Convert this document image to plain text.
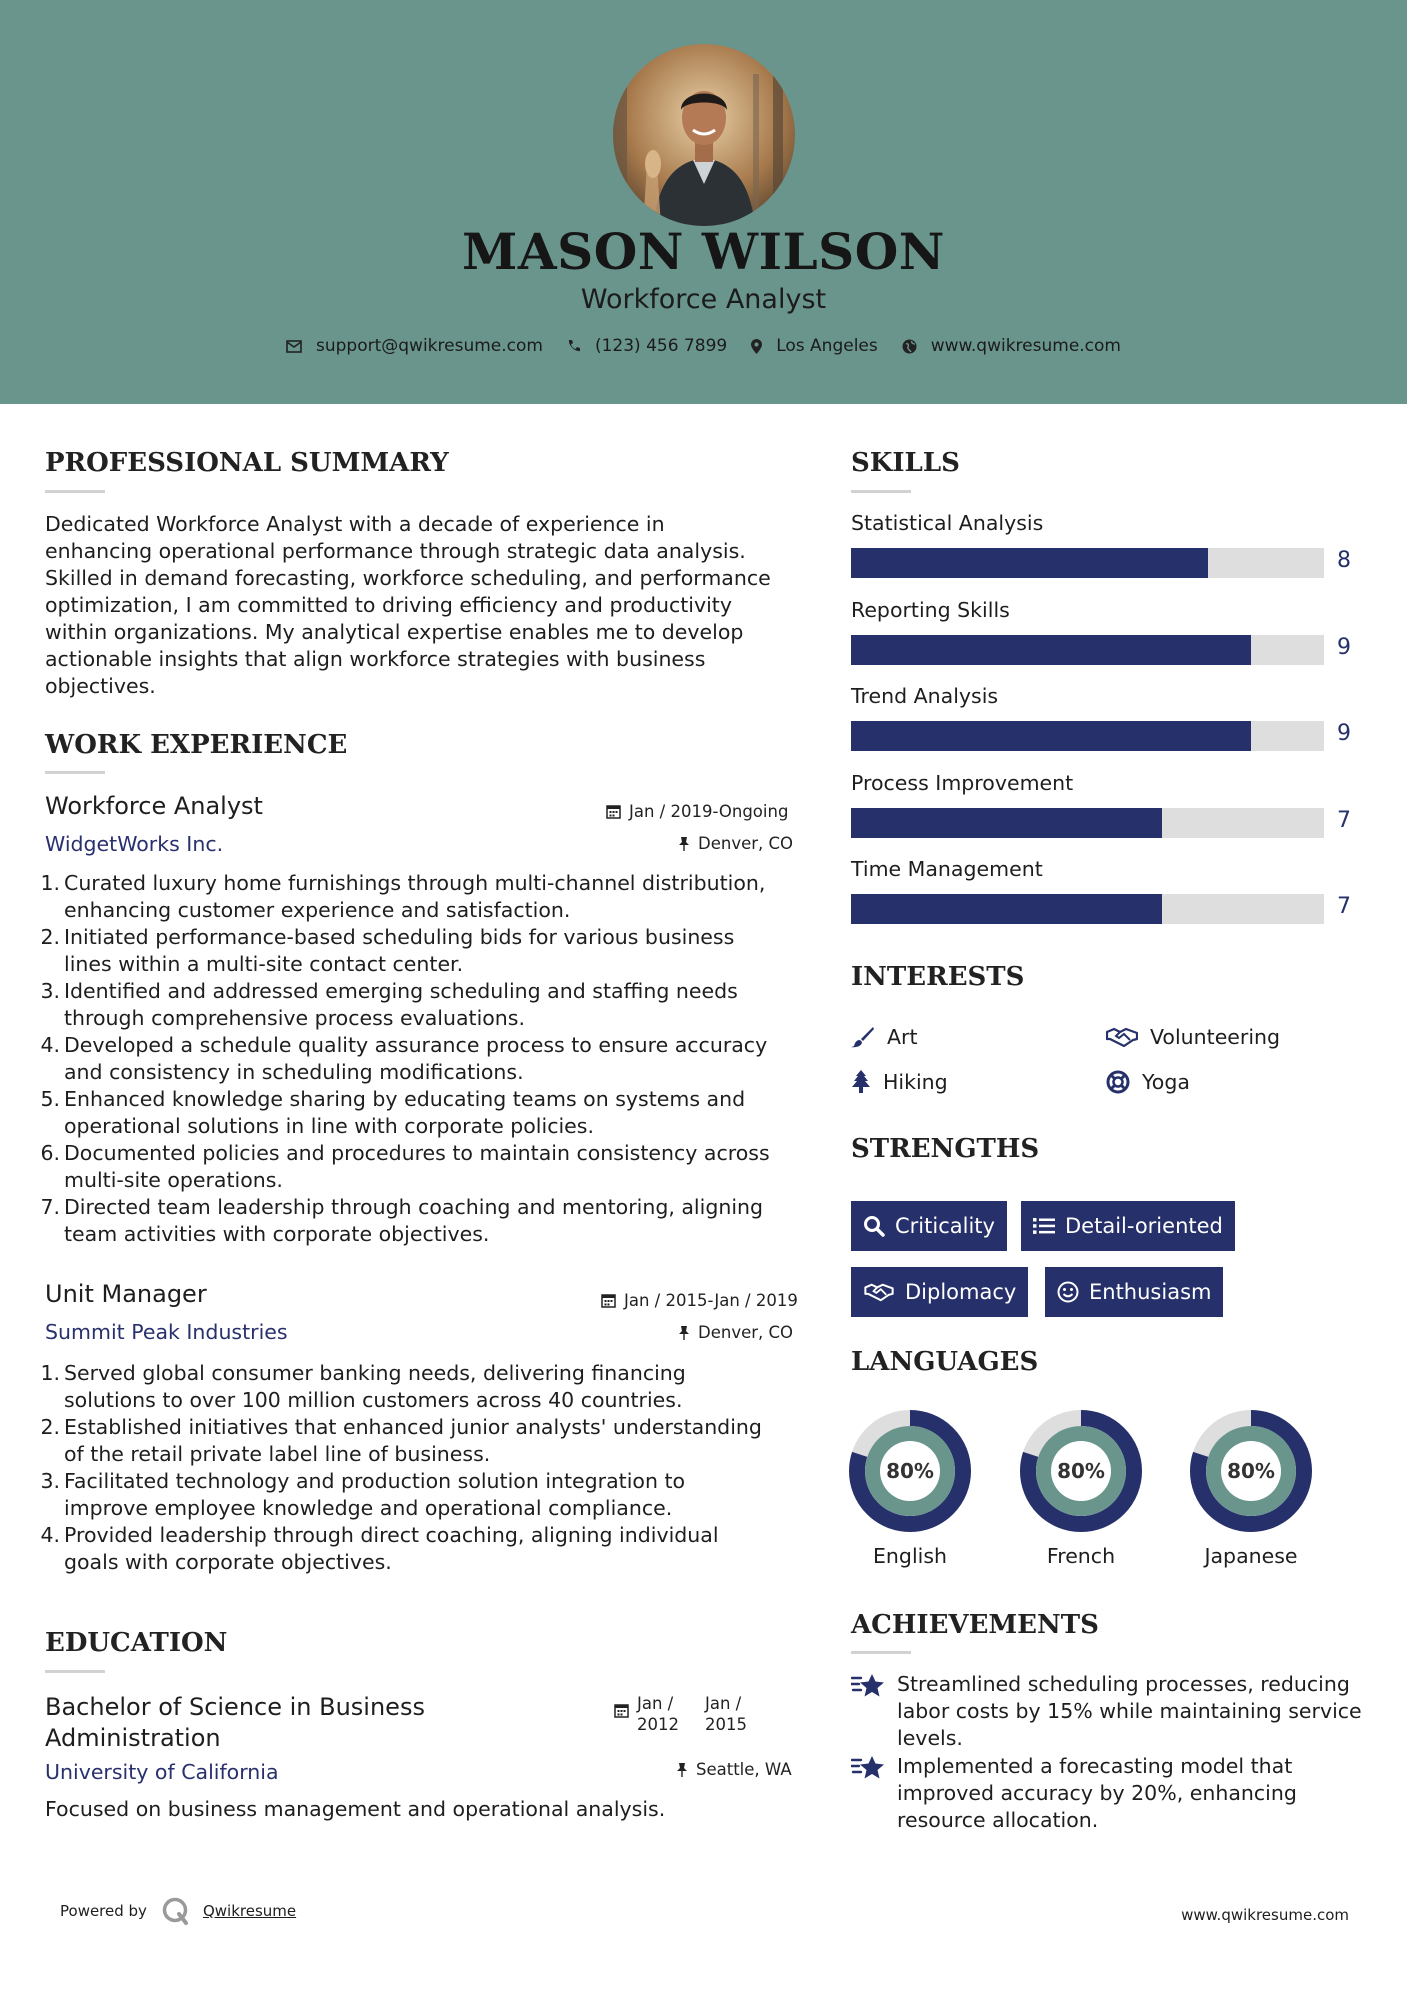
MASON WILSON
Workforce Analyst
support@qwikresume.com	(123) 456 7899	Los Angeles	www.qwikresume.com
PROFESSIONAL SUMMARY
Dedicated Workforce Analyst with a decade of experience in
enhancing operational performance through strategic data analysis.
Skilled in demand forecasting, workforce scheduling, and performance
optimization, I am committed to driving efficiency and productivity
within organizations. My analytical expertise enables me to develop
actionable insights that align workforce strategies with business
objectives.
WORK EXPERIENCE
Workforce Analyst	Jan / 2019-Ongoing
WidgetWorks Inc.	Denver, CO
1. Curated luxury home furnishings through multi-channel distribution,
enhancing customer experience and satisfaction.
2. Initiated performance-based scheduling bids for various business
lines within a multi-site contact center.
3. Identified and addressed emerging scheduling and staffing needs
through comprehensive process evaluations.
4. Developed a schedule quality assurance process to ensure accuracy
and consistency in scheduling modifications.
5. Enhanced knowledge sharing by educating teams on systems and
operational solutions in line with corporate policies.
6. Documented policies and procedures to maintain consistency across
multi-site operations.
7. Directed team leadership through coaching and mentoring, aligning
team activities with corporate objectives.
Unit Manager	Jan / 2015-Jan / 2019
Summit Peak Industries	Denver, CO
1. Served global consumer banking needs, delivering financing
solutions to over 100 million customers across 40 countries.
2. Established initiatives that enhanced junior analysts' understanding
of the retail private label line of business.
3. Facilitated technology and production solution integration to
improve employee knowledge and operational compliance.
4. Provided leadership through direct coaching, aligning individual
goals with corporate objectives.
EDUCATION
Bachelor of Science in Business
Administration
Jan /
2012
Jan /
2015
University of California	Seattle, WA
Focused on business management and operational analysis.
SKILLS
Statistical Analysis
8
Reporting Skills
9
Trend Analysis
9
Process Improvement
7
Time Management
7
INTERESTS
Art	Volunteering
Hiking	Yoga
STRENGTHS
Criticality	Detail-oriented
Diplomacy	Enthusiasm
LANGUAGES
80%
English
80%
French
80%
Japanese
ACHIEVEMENTS
Streamlined scheduling processes, reducing
labor costs by 15% while maintaining service
levels.
Implemented a forecasting model that
improved accuracy by 20%, enhancing
resource allocation.
Powered by	Qwikresume	www.qwikresume.com
